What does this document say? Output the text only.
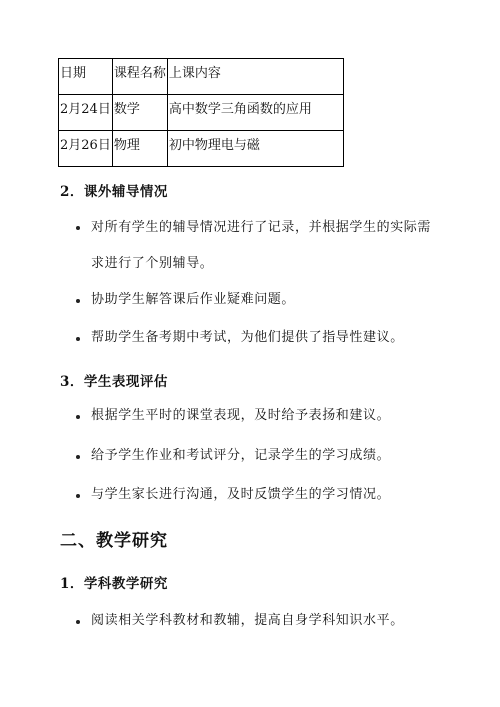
日期	课程名称	上课内容
2月24日	数学	高中数学三角函数的应用
2月26日	物理	初中物理电与磁
2．课外辅导情况
对所有学生的辅导情况进行了记录，并根据学生的实际需求进行了个别辅导。
协助学生解答课后作业疑难问题。
帮助学生备考期中考试，为他们提供了指导性建议。
3．学生表现评估
根据学生平时的课堂表现，及时给予表扬和建议。
给予学生作业和考试评分，记录学生的学习成绩。
与学生家长进行沟通，及时反馈学生的学习情况。
二、教学研究
1．学科教学研究
阅读相关学科教材和教辅，提高自身学科知识水平。
